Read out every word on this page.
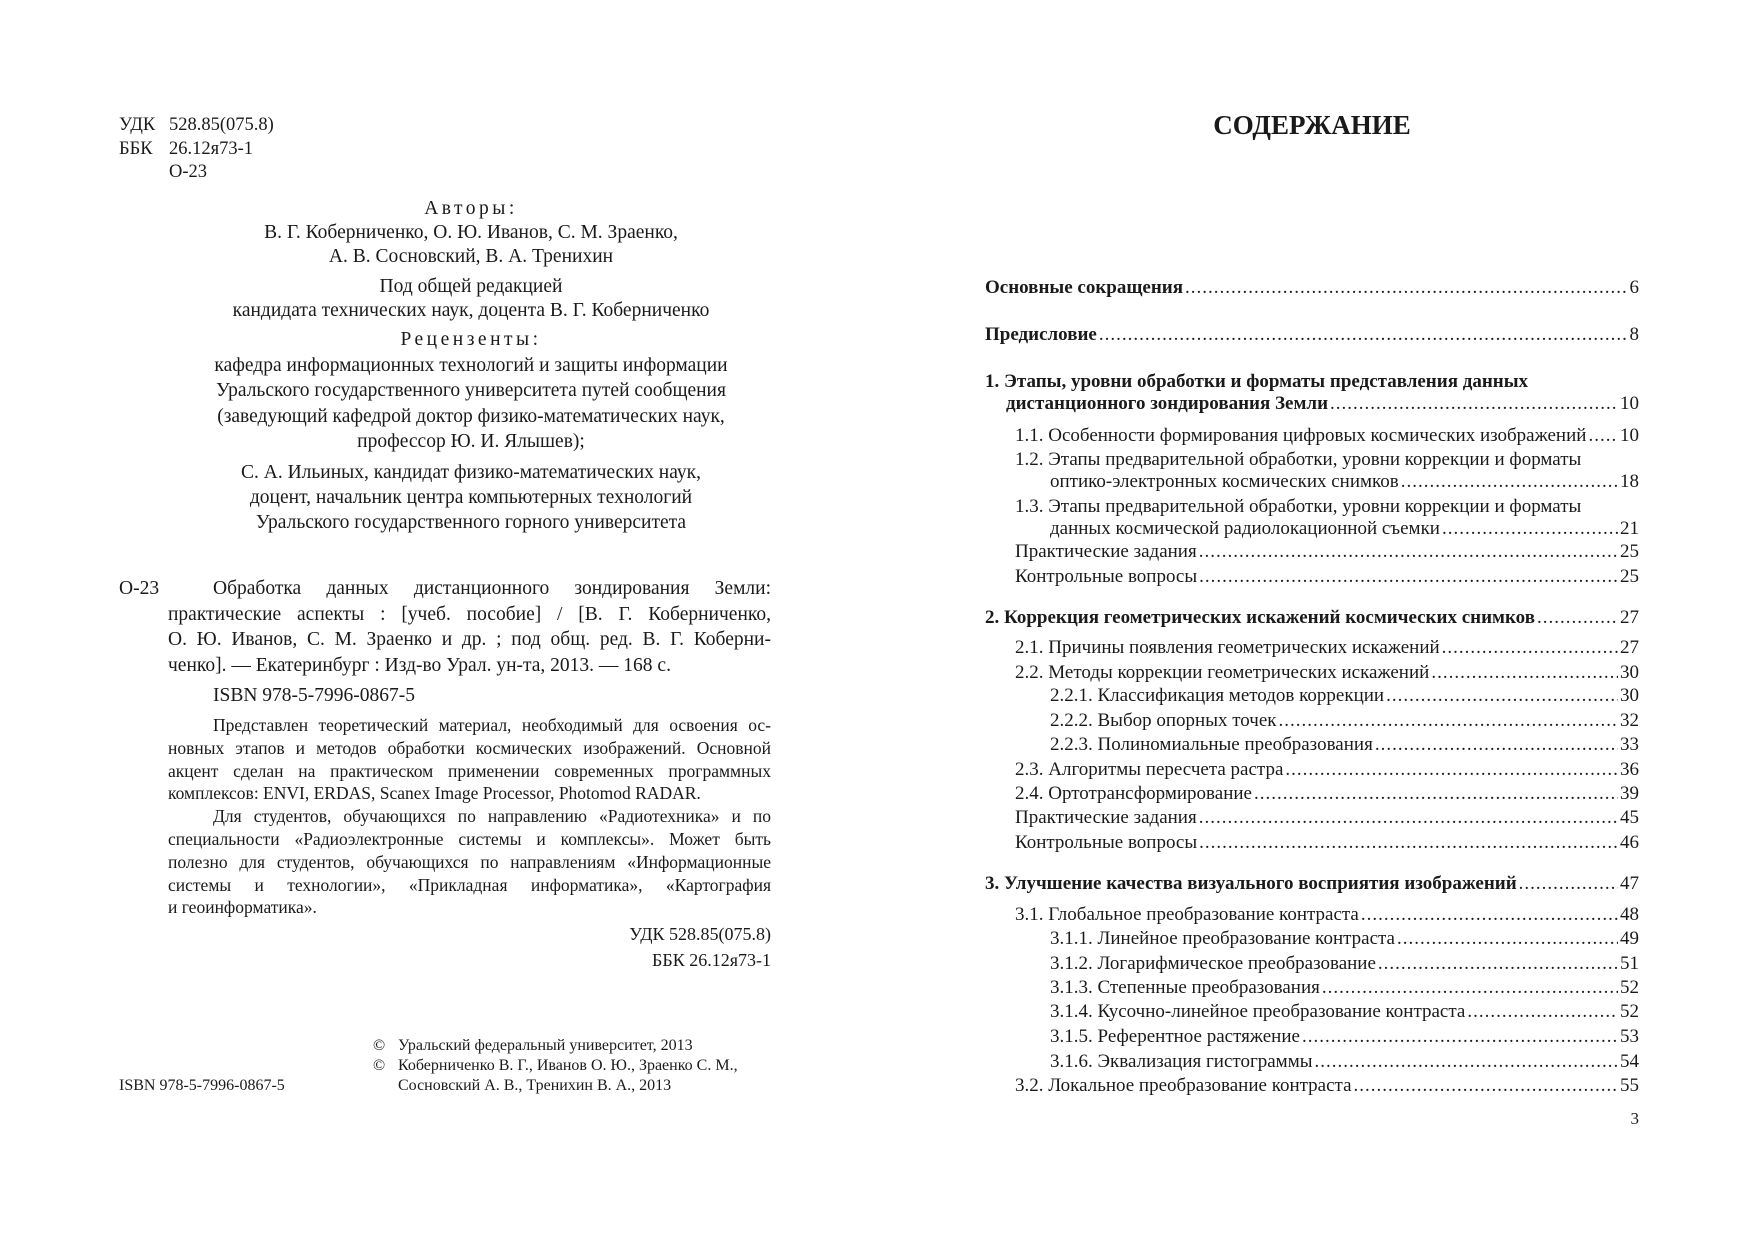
УДК 528.85(075.8)
ББК 26.12я73-1
О-23
Авторы:
В. Г. Коберниченко, О. Ю. Иванов, С. М. Зраенко,
А. В. Сосновский, В. А. Тренихин
Под общей редакцией
кандидата технических наук, доцента В. Г. Коберниченко
Рецензенты:
кафедра информационных технологий и защиты информации
Уральского государственного университета путей сообщения
(заведующий кафедрой доктор физико-математических наук,
профессор Ю. И. Ялышев);
С. А. Ильиных, кандидат физико-математических наук,
доцент, начальник центра компьютерных технологий
Уральского государственного горного университета
О-23	Обработка данных дистанционного зондирования Земли:
практические аспекты : [учеб. пособие] / [В. Г. Коберниченко,
О. Ю. Иванов, С. М. Зраенко и др. ; под общ. ред. В. Г. Коберни-
ченко]. — Екатеринбург : Изд-во Урал. ун-та, 2013. — 168 с.
ISBN 978-5-7996-0867-5
Представлен теоретический материал, необходимый для освоения ос-
новных этапов и методов обработки космических изображений. Основной
акцент сделан на практическом применении современных программных
комплексов: ENVI, ERDAS, Scanex Image Processor, Photomod RADAR.
Для студентов, обучающихся по направлению «Радиотехника» и по
специальности «Радиоэлектронные системы и комплексы». Может быть
полезно для студентов, обучающихся по направлениям «Информационные
системы и технологии», «Прикладная информатика», «Картография
и геоинформатика».
УДК 528.85(075.8)
ББК 26.12я73-1
© Уральский федеральный университет, 2013
© Коберниченко В. Г., Иванов О. Ю., Зраенко С. М.,
Сосновский А. В., Тренихин В. А., 2013
ISBN 978-5-7996-0867-5
СОДЕРЖАНИЕ
Основные сокращения .....	6
Предисловие .....	8
1. Этапы, уровни обработки и форматы представления данных
дистанционного зондирования Земли .....	10
1.1. Особенности формирования цифровых космических изображений ..... 10
1.2. Этапы предварительной обработки, уровни коррекции и форматы
оптико-электронных космических снимков .....	18
1.3. Этапы предварительной обработки, уровни коррекции и форматы
данных космической радиолокационной съемки .....	21
Практические задания .....	25
Контрольные вопросы .....	25
2. Коррекция геометрических искажений космических снимков .....	27
2.1. Причины появления геометрических искажений .....	27
2.2. Методы коррекции геометрических искажений .....	30
2.2.1. Классификация методов коррекции .....	30
2.2.2. Выбор опорных точек .....	32
2.2.3. Полиномиальные преобразования .....	33
2.3. Алгоритмы пересчета растра .....	36
2.4. Ортотрансформирование .....	39
Практические задания .....	45
Контрольные вопросы .....	46
3. Улучшение качества визуального восприятия изображений .....	47
3.1. Глобальное преобразование контраста .....	48
3.1.1. Линейное преобразование контраста .....	49
3.1.2. Логарифмическое преобразование .....	51
3.1.3. Степенные преобразования .....	52
3.1.4. Кусочно-линейное преобразование контраста .....	52
3.1.5. Референтное растяжение .....	53
3.1.6. Эквализация гистограммы .....	54
3.2. Локальное преобразование контраста .....	55
3
